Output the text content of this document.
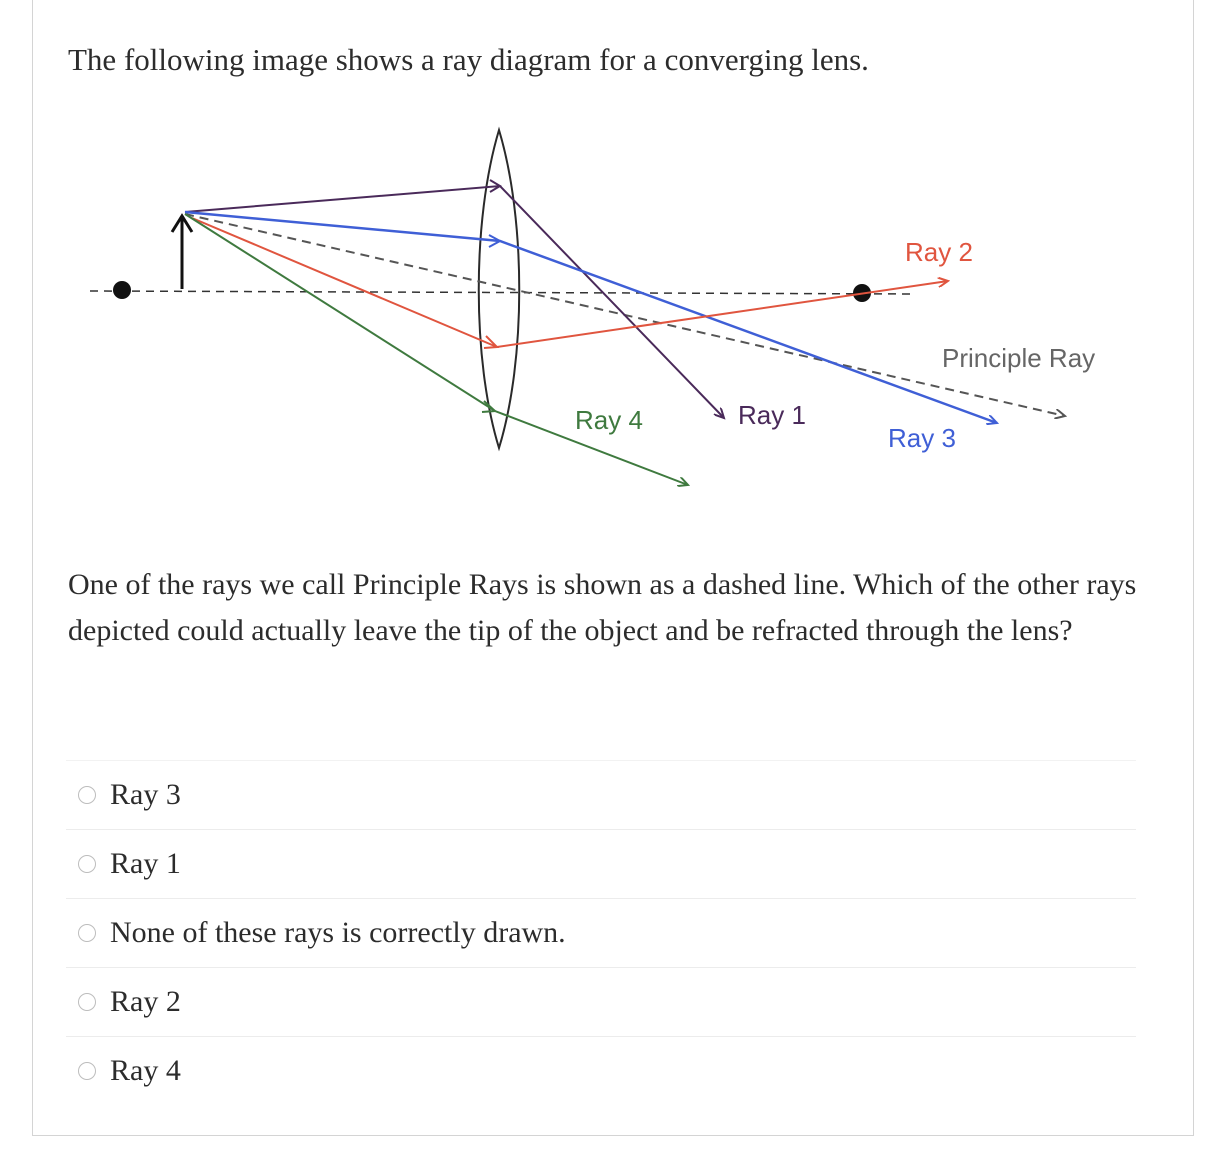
The following image shows a ray diagram for a converging lens.
Ray 2
Principle Ray
Ray 1
Ray 3
Ray 4
One of the rays we call Principle Rays is shown as a dashed line. Which of the other rays depicted could actually leave the tip of the object and be refracted through the lens?
Ray 3
Ray 1
None of these rays is correctly drawn.
Ray 2
Ray 4
